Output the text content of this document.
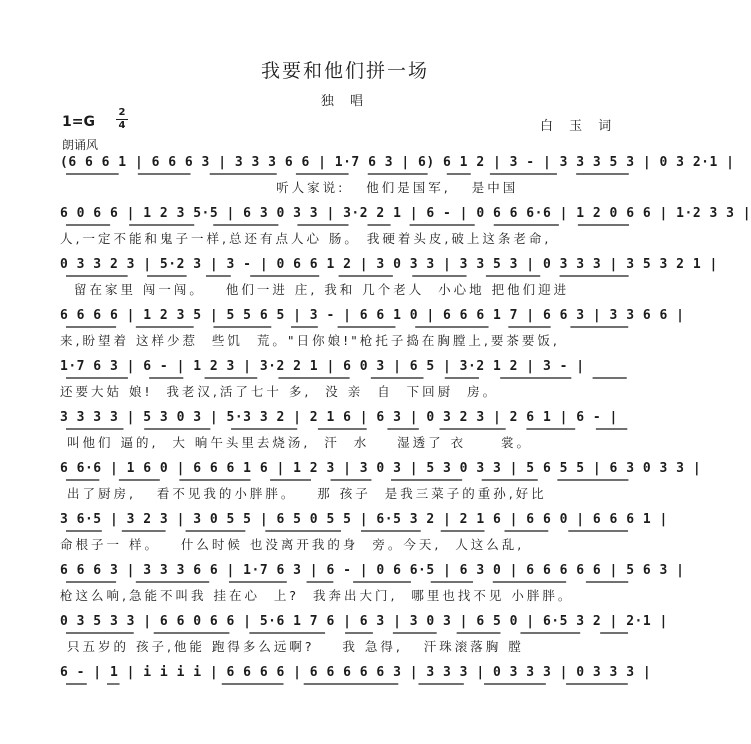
我要和他们拼一场
独 唱
1=G
2
4	白 玉 词
朗诵风
(6 6 6 1 | 6 6 6 3 | 3 3 3 6 6 | 1·7 6 3 | 6) 6 1 2 | 3 - | 3 3 3 5 3 | 0 3 2·1 |
听人家说:   他们是国军,   是中国
6 0 6 6 | 1 2 3 5·5 | 6 3 0 3 3 | 3·2 2 1 | 6 - | 0 6 6 6·6 | 1 2 0 6 6 | 1·2 3 3 |
人,一定不能和鬼子一样,总还有点人心 肠。 我硬着头皮,破上这条老命,
0 3 3 2 3 | 5·2 3 | 3 - | 0 6 6 1 2 | 3 0 3 3 | 3 3 5 3 | 0 3 3 3 | 3 5 3 2 1 |
留在家里 闯一闯。   他们一进 庄, 我和 几个老人  小心地 把他们迎进
6 6 6 6 | 1 2 3 5 | 5 5 6 5 | 3 - | 6 6 1 0 | 6 6 6 1 7 | 6 6 3 | 3 3 6 6 |
来,盼望着 这样少惹  些饥  荒。"日你娘!"枪托子捣在胸膛上,要茶要饭,
1·7 6 3 | 6 - | 1 2 3 | 3·2 2 1 | 6 0 3 | 6 5 | 3·2 1 2 | 3 - |
还要大姑 娘!  我老汉,活了七十 多,  没 亲  自  下回厨  房。
3 3 3 3 | 5 3 0 3 | 5·3 3 2 | 2 1 6 | 6 3 | 0 3 2 3 | 2 6 1 | 6 - |
叫他们 逼的,  大 晌午头里去烧汤,  汗  水    湿透了 衣     裳。
6 6·6 | 1 6 0 | 6 6 6 1 6 | 1 2 3 | 3 0 3 | 5 3 0 3 3 | 5 6 5 5 | 6 3 0 3 3 |
出了厨房,   看不见我的小胖胖。   那 孩子  是我三菜子的重孙,好比
3 6·5 | 3 2 3 | 3 0 5 5 | 6 5 0 5 5 | 6·5 3 2 | 2 1 6 | 6 6 0 | 6 6 6 1 |
命根子一 样。   什么时候 也没离开我的身  旁。今天,  人这么乱,
6 6 6 3 | 3 3 3 6 6 | 1·7 6 3 | 6 - | 0 6 6·5 | 6 3 0 | 6 6 6 6 6 | 5 6 3 |
枪这么响,急能不叫我 挂在心  上?  我奔出大门,  哪里也找不见 小胖胖。
0 3 5 3 3 | 6 6 0 6 6 | 5·6 1 7 6 | 6 3 | 3 0 3 | 6 5 0 | 6·5 3 2 | 2·1 |
只五岁的 孩子,他能 跑得多么远啊?    我 急得,   汗珠滚落胸 膛
6 - | 1 | i i i i | 6 6 6 6 | 6 6 6 6 6 3 | 3 3 3 | 0 3 3 3 | 0 3 3 3 |
